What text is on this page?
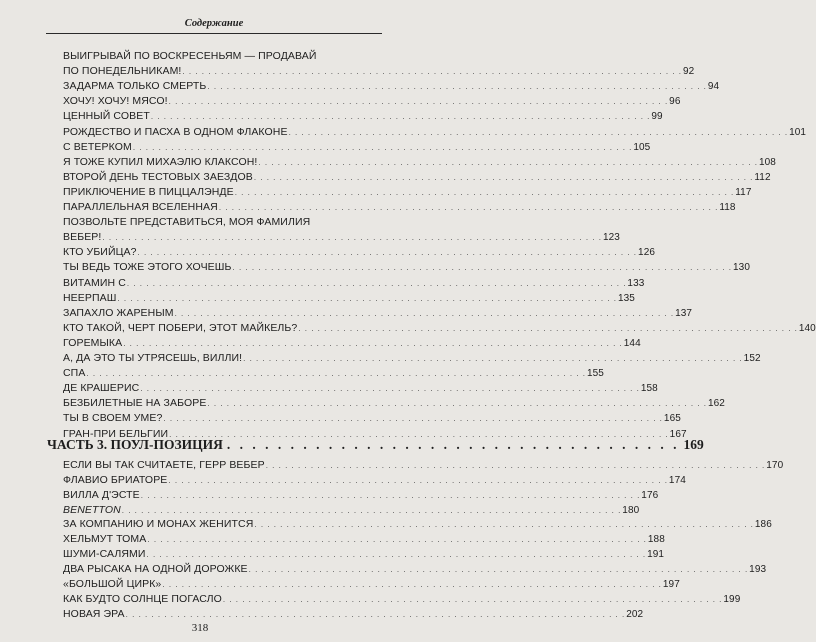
Содержание
ВЫИГРЫВАЙ ПО ВОСКРЕСЕНЬЯМ — ПРОДАВАЙ
ПО ПОНЕДЕЛЬНИКАМ! . . .	92
ЗАДАРМА ТОЛЬКО СМЕРТЬ . . .	94
ХОЧУ! ХОЧУ! МЯСО! . . .	96
ЦЕННЫЙ СОВЕТ . . .	99
РОЖДЕСТВО И ПАСХА В ОДНОМ ФЛАКОНЕ . . .	101
С ВЕТЕРКОМ . . .	105
Я ТОЖЕ КУПИЛ МИХАЭЛЮ КЛАКСОН! . . .	108
ВТОРОЙ ДЕНЬ ТЕСТОВЫХ ЗАЕЗДОВ . . .	112
ПРИКЛЮЧЕНИЕ В ПИЦЦАЛЭНДЕ . . .	117
ПАРАЛЛЕЛЬНАЯ ВСЕЛЕННАЯ . . .	118
ПОЗВОЛЬТЕ ПРЕДСТАВИТЬСЯ, МОЯ ФАМИЛИЯ
ВЕБЕР! . . .	123
КТО УБИЙЦА? . . .	126
ТЫ ВЕДЬ ТОЖЕ ЭТОГО ХОЧЕШЬ . . .	130
ВИТАМИН С . . .	133
НЕЕРПАШ . . .	135
ЗАПАХЛО ЖАРЕНЫМ . . .	137
КТО ТАКОЙ, ЧЕРТ ПОБЕРИ, ЭТОТ МАЙКЕЛЬ? . . .	140
ГОРЕМЫКА . . .	144
А, ДА ЭТО ТЫ УТРЯСЕШЬ, ВИЛЛИ! . . .	152
СПА . . .	155
ДЕ КРАШЕРИС . . .	158
БЕЗБИЛЕТНЫЕ НА ЗАБОРЕ . . .	162
ТЫ В СВОЕМ УМЕ? . . .	165
ГРАН-ПРИ БЕЛЬГИИ . . .	167
ЧАСТЬ 3. ПОУЛ-ПОЗИЦИЯ . . .	169
ЕСЛИ ВЫ ТАК СЧИТАЕТЕ, ГЕРР ВЕБЕР . . .	170
ФЛАВИО БРИАТОРЕ . . .	174
ВИЛЛА Д'ЭСТЕ . . .	176
BENETTON . . .	180
ЗА КОМПАНИЮ И МОНАХ ЖЕНИТСЯ . . .	186
ХЕЛЬМУТ ТОМА . . .	188
ШУМИ-САЛЯМИ . . .	191
ДВА РЫСАКА НА ОДНОЙ ДОРОЖКЕ . . .	193
«БОЛЬШОЙ ЦИРК» . . .	197
КАК БУДТО СОЛНЦЕ ПОГАСЛО . . .	199
НОВАЯ ЭРА . . .	202
318
